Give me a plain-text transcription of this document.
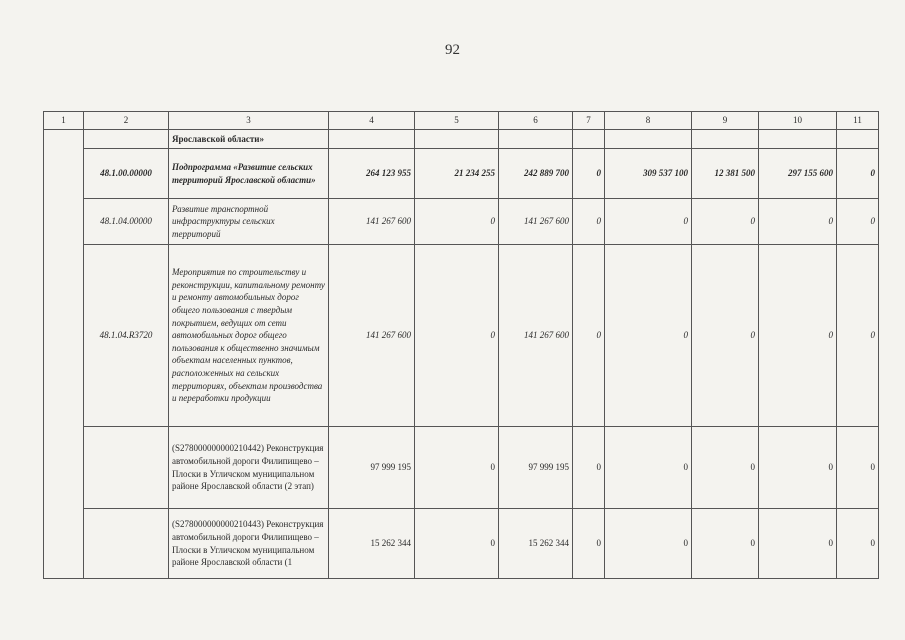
92
1	2	3	4	5	6	7	8	9	10	11
		Ярославской области»								
	48.1.00.00000	Подпрограмма «Развитие сельских территорий Ярославской области»	264 123 955	21 234 255	242 889 700	0	309 537 100	12 381 500	297 155 600	0
	48.1.04.00000	Развитие транспортной инфраструктуры сельских территорий	141 267 600	0	141 267 600	0	0	0	0	0
	48.1.04.R3720	Мероприятия по строительству и реконструкции, капитальному ремонту и ремонту автомобильных дорог общего пользования с твердым покрытием, ведущих от сети автомобильных дорог общего пользования к общественно значимым объектам населенных пунктов, расположенных на сельских территориях, объектам производства и переработки продукции	141 267 600	0	141 267 600	0	0	0	0	0
		(S278000000000210442) Реконструкция автомобильной дороги Филипищево – Плоски в Угличском муниципальном районе Ярославской области (2 этап)	97 999 195	0	97 999 195	0	0	0	0	0
		(S278000000000210443) Реконструкция автомобильной дороги Филипищево – Плоски в Угличском муниципальном районе Ярославской области (1	15 262 344	0	15 262 344	0	0	0	0	0
